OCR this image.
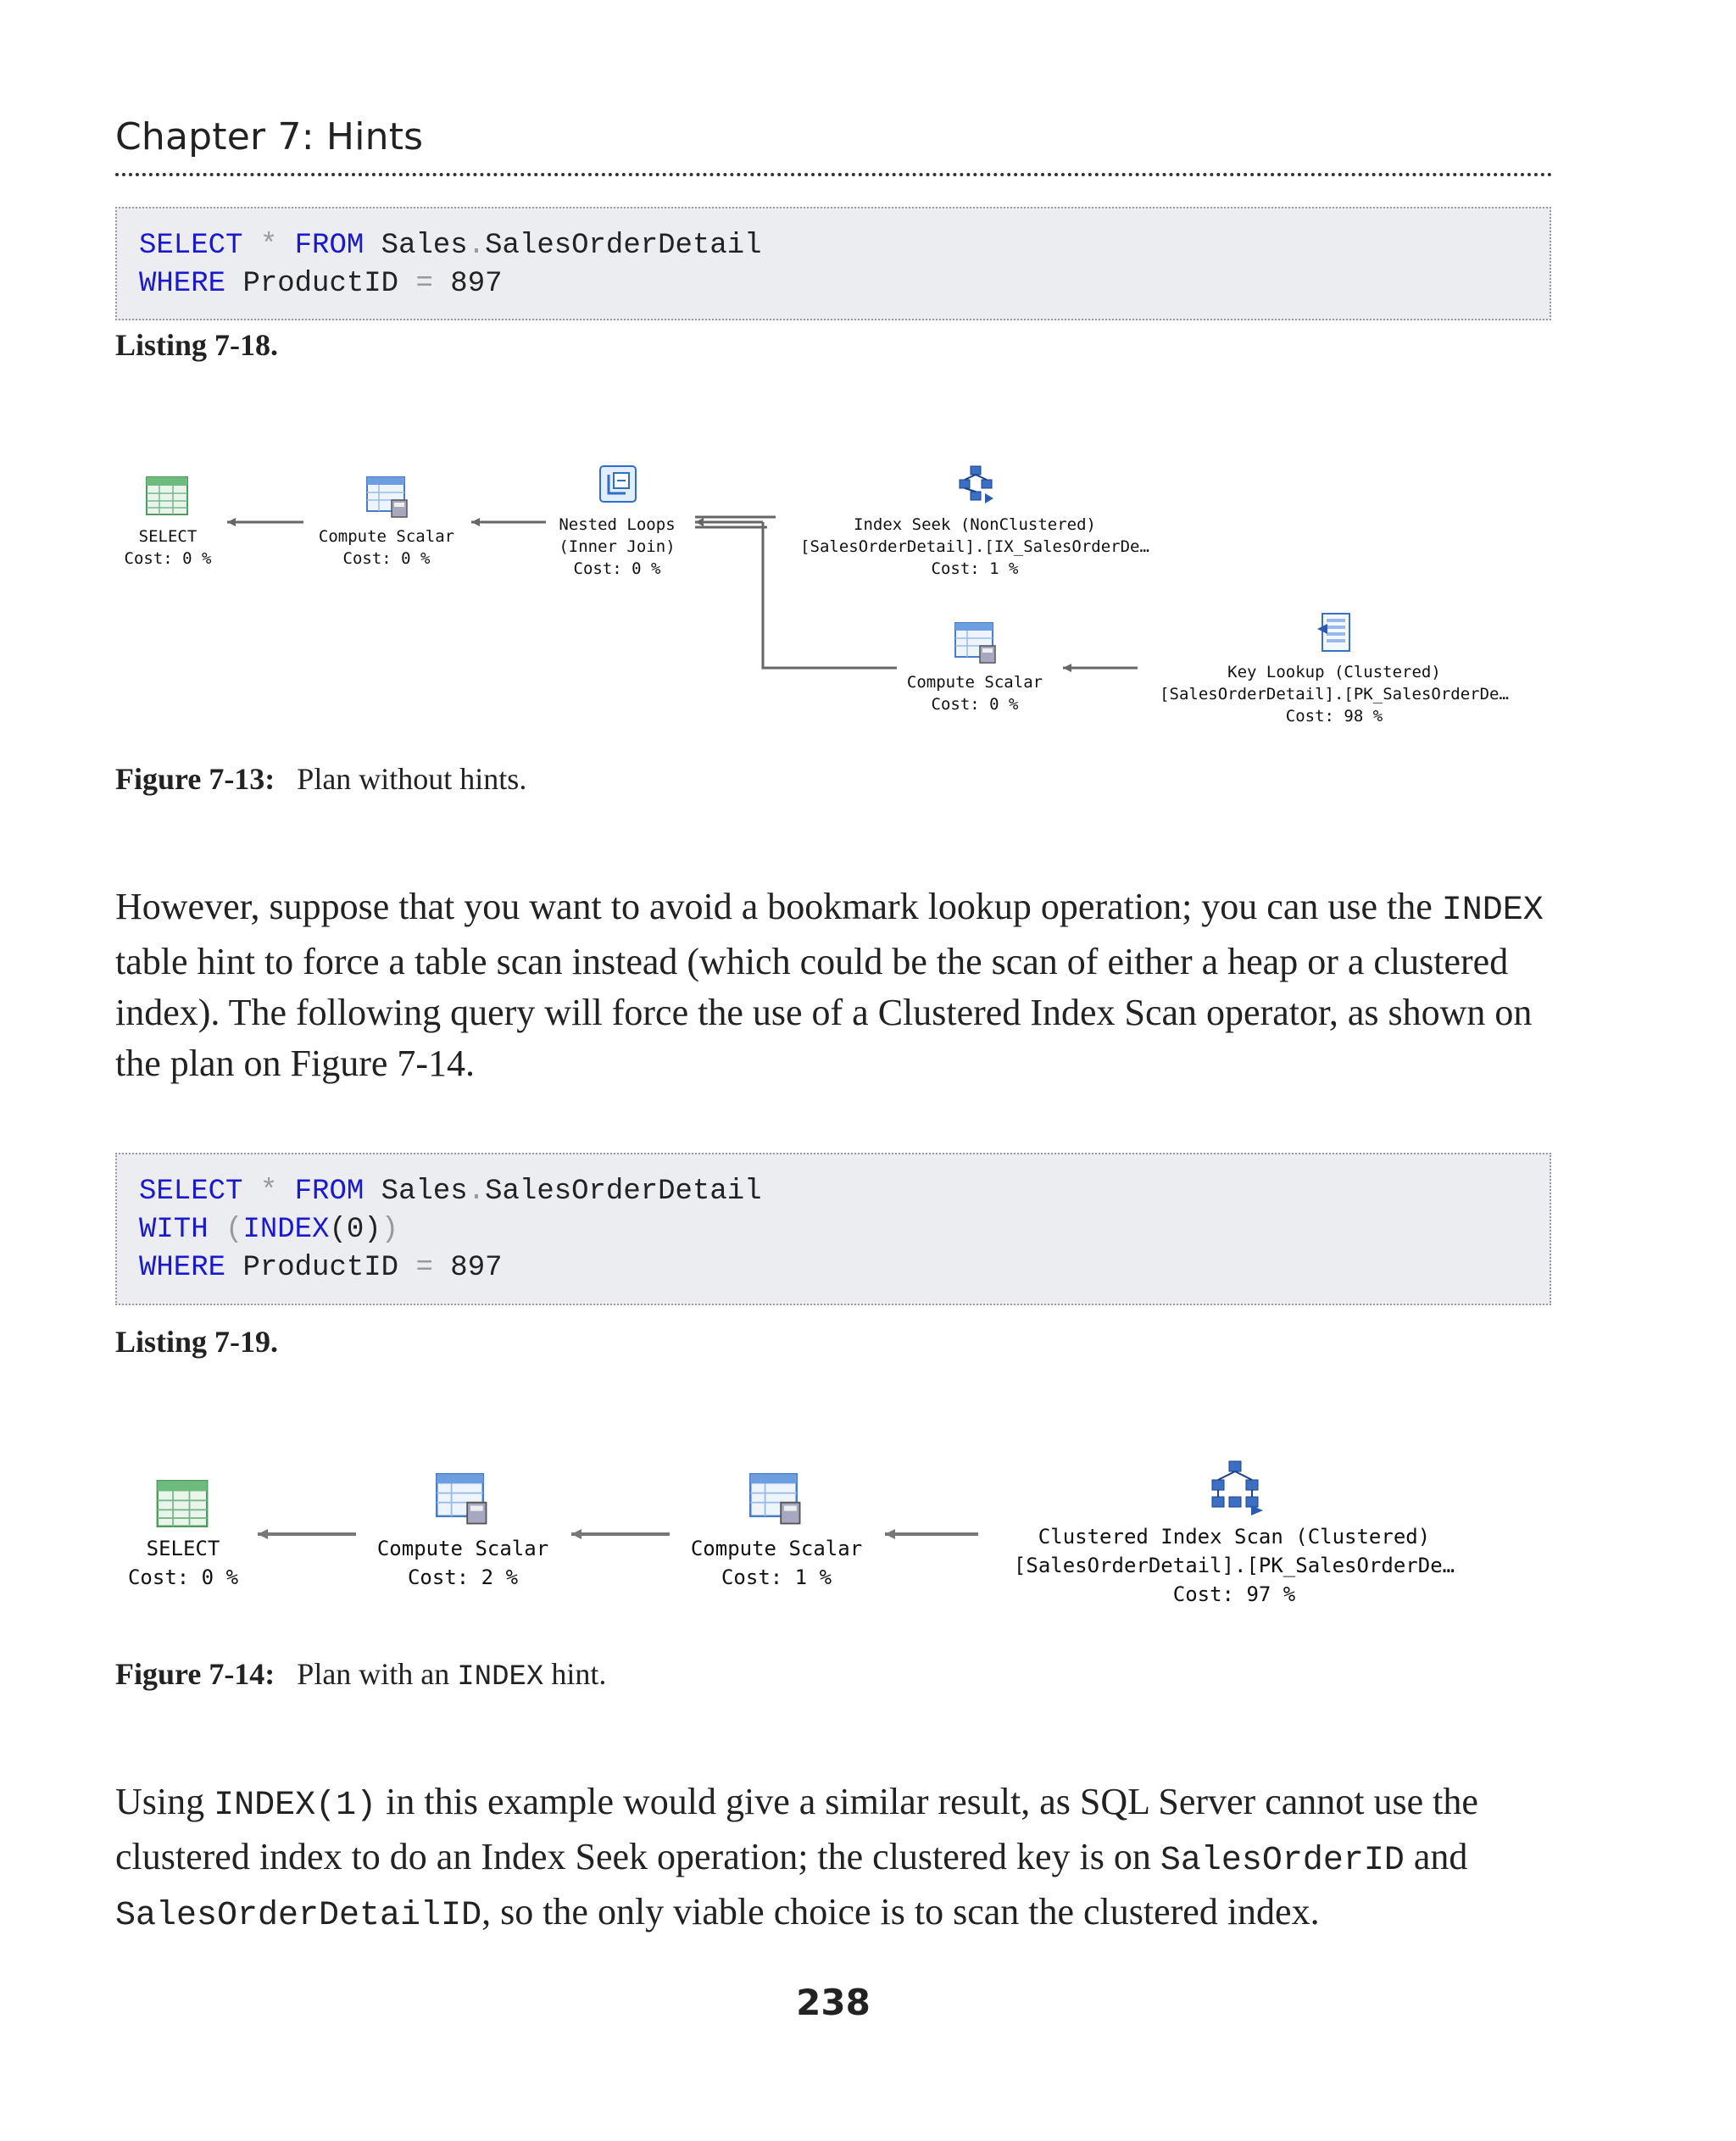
Chapter 7: Hints
SELECT * FROM Sales.SalesOrderDetail
WHERE ProductID = 897
Listing 7-18.
SELECT
Cost: 0 %
Compute Scalar
Cost: 0 %
Nested Loops
(Inner Join)
Cost: 0 %
Index Seek (NonClustered)
[SalesOrderDetail].[IX_SalesOrderDe…
Cost: 1 %
Compute Scalar
Cost: 0 %
Key Lookup (Clustered)
[SalesOrderDetail].[PK_SalesOrderDe…
Cost: 98 %
Figure 7-13: Plan without hints.
However, suppose that you want to avoid a bookmark lookup operation; you can use the INDEX table hint to force a table scan instead (which could be the scan of either a heap or a clustered index). The following query will force the use of a Clustered Index Scan operator, as shown on the plan on Figure 7-14.
SELECT * FROM Sales.SalesOrderDetail
WITH (INDEX(0))
WHERE ProductID = 897
Listing 7-19.
SELECT
Cost: 0 %
Compute Scalar
Cost: 2 %
Compute Scalar
Cost: 1 %
Clustered Index Scan (Clustered)
[SalesOrderDetail].[PK_SalesOrderDe…
Cost: 97 %
Figure 7-14: Plan with an INDEX hint.
Using INDEX(1) in this example would give a similar result, as SQL Server cannot use the clustered index to do an Index Seek operation; the clustered key is on SalesOrderID and SalesOrderDetailID, so the only viable choice is to scan the clustered index.
238
